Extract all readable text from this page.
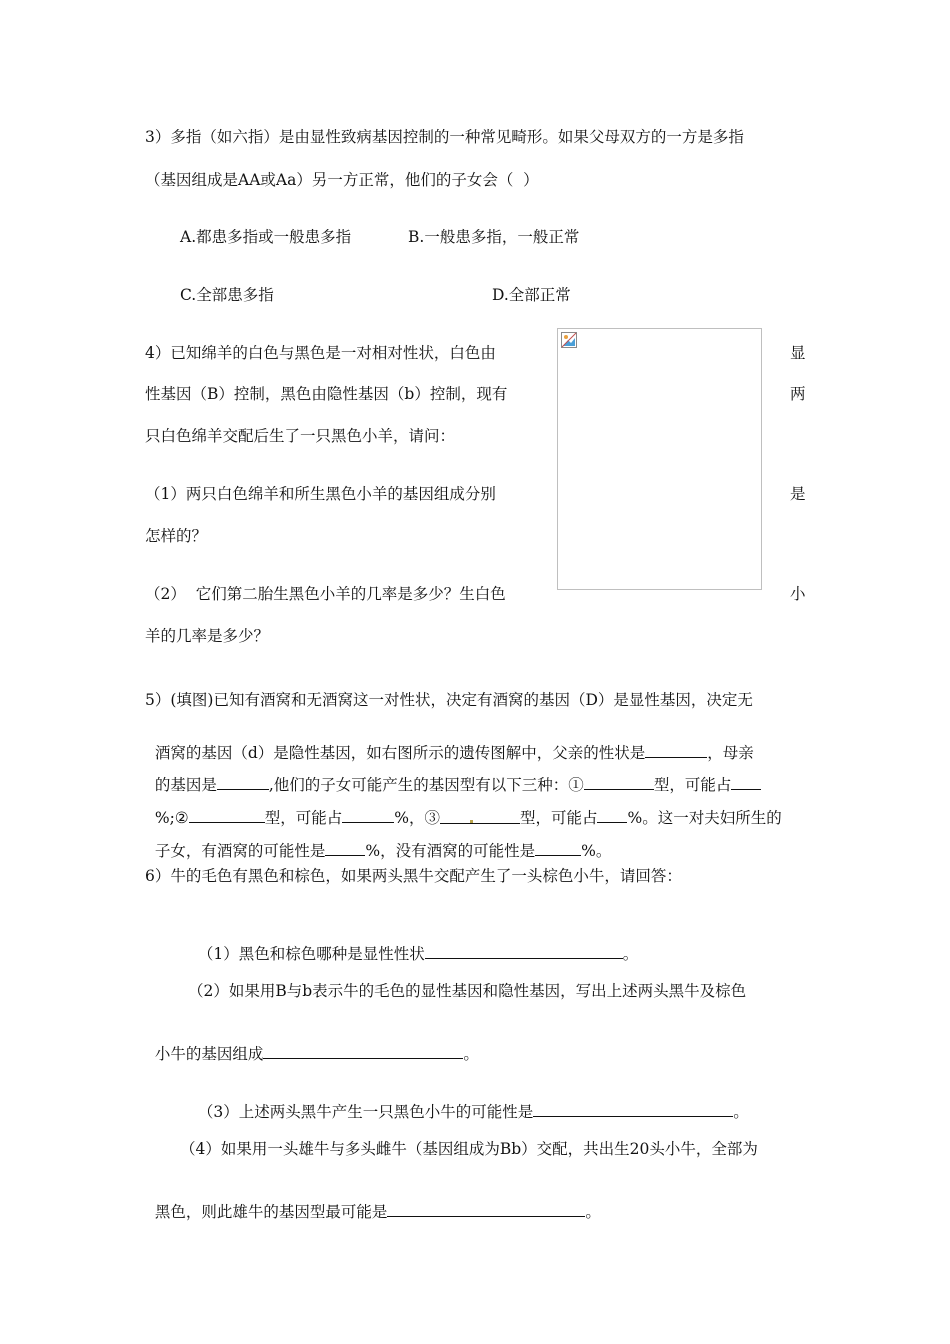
3）多指（如六指）是由显性致病基因控制的一种常见畸形。如果父母双方的一方是多指
（基因组成是AA或Aa）另一方正常，他们的子女会（  ）
A.都患多指或一般患多指	B.一般患多指，一般正常
C.全部患多指	D.全部正常
4）已知绵羊的白色与黑色是一对相对性状，白色由	显
性基因（B）控制，黑色由隐性基因（b）控制，现有	两
只白色绵羊交配后生了一只黑色小羊，请问：
（1）两只白色绵羊和所生黑色小羊的基因组成分别	是
怎样的？
（2）  它们第二胎生黑色小羊的几率是多少？生白色	小
羊的几率是多少？
5）(填图)已知有酒窝和无酒窝这一对性状，决定有酒窝的基因（D）是显性基因，决定无

酒窝的基因（d）是隐性基因，如右图所示的遗传图解中，父亲的性状是	，母亲

的基因是	,他们的子女可能产生的基因型有以下三种：①	型，可能占

%;②	型，可能占	%，③	型，可能占 %。这一对夫妇所生的

子女，有酒窝的可能性是	%，没有酒窝的可能性是	%。

6）牛的毛色有黑色和棕色，如果两头黑牛交配产生了一头棕色小牛，请回答：

（1）黑色和棕色哪种是显性性状	。

（2）如果用B与b表示牛的毛色的显性基因和隐性基因，写出上述两头黑牛及棕色

小牛的基因组成	。

（3）上述两头黑牛产生一只黑色小牛的可能性是	。

（4）如果用一头雄牛与多头雌牛（基因组成为Bb）交配，共出生20头小牛，全部为

黑色，则此雄牛的基因型最可能是	。
